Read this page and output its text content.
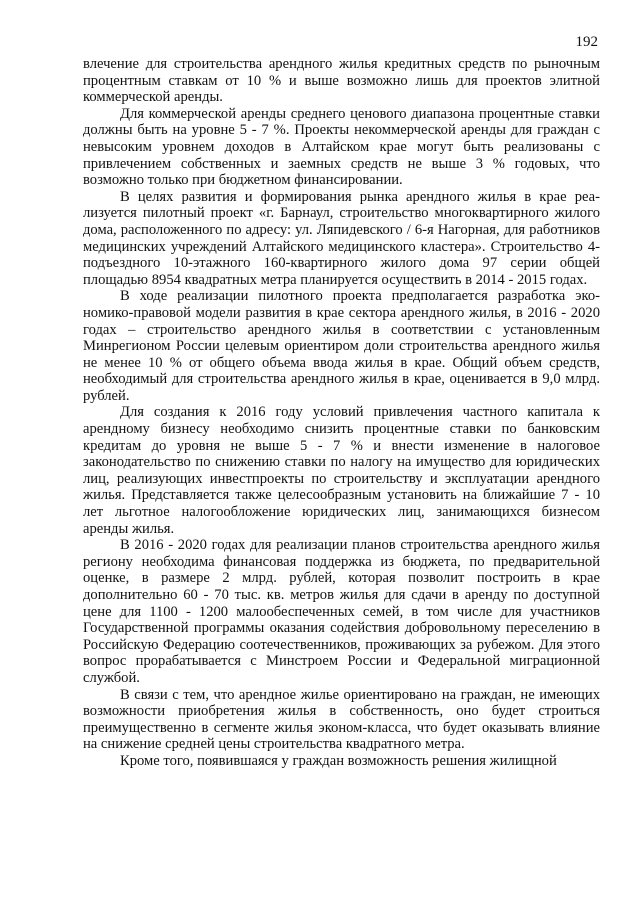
192

влечение для строительства арендного жилья кредитных средств по рыночным процентным ставкам от 10 % и выше возможно лишь для проектов элитной коммерческой аренды.

Для коммерческой аренды среднего ценового диапазона процентные ставки должны быть на уровне 5 - 7 %. Проекты некоммерческой аренды для граждан с невысоким уровнем доходов в Алтайском крае могут быть реализованы с привлечением собственных и заемных средств не выше 3 % годовых, что возможно только при бюджетном финансировании.

В целях развития и формирования рынка арендного жилья в крае реализуется пилотный проект «г. Барнаул, строительство многоквартирного жилого дома, расположенного по адресу: ул. Ляпидевского / 6-я Нагорная, для работников медицинских учреждений Алтайского медицинского кластера». Строительство 4-подъездного 10-этажного 160-квартирного жилого дома 97 серии общей площадью 8954 квадратных метра планируется осуществить в 2014 - 2015 годах.

В ходе реализации пилотного проекта предполагается разработка экономико-правовой модели развития в крае сектора арендного жилья, в 2016 - 2020 годах – строительство арендного жилья в соответствии с установленным Минрегионом России целевым ориентиром доли строительства арендного жилья не менее 10 % от общего объема ввода жилья в крае. Общий объем средств, необходимый для строительства арендного жилья в крае, оценивается в 9,0 млрд. рублей.

Для создания к 2016 году условий привлечения частного капитала к арендному бизнесу необходимо снизить процентные ставки по банковским кредитам до уровня не выше 5 - 7 % и внести изменение в налоговое законодательство по снижению ставки по налогу на имущество для юридических лиц, реализующих инвестпроекты по строительству и эксплуатации арендного жилья. Представляется также целесообразным установить на ближайшие 7 - 10 лет льготное налогообложение юридических лиц, занимающихся бизнесом аренды жилья.

В 2016 - 2020 годах для реализации планов строительства арендного жилья региону необходима финансовая поддержка из бюджета, по предварительной оценке, в размере 2 млрд. рублей, которая позволит построить в крае дополнительно 60 - 70 тыс. кв. метров жилья для сдачи в аренду по доступной цене для 1100 - 1200 малообеспеченных семей, в том числе для участников Государственной программы оказания содействия добровольному переселению в Российскую Федерацию соотечественников, проживающих за рубежом. Для этого вопрос прорабатывается с Минстроем России и Федеральной миграционной службой.

В связи с тем, что арендное жилье ориентировано на граждан, не имеющих возможности приобретения жилья в собственность, оно будет строиться преимущественно в сегменте жилья эконом-класса, что будет оказывать влияние на снижение средней цены строительства квадратного метра.

Кроме того, появившаяся у граждан возможность решения жилищной
